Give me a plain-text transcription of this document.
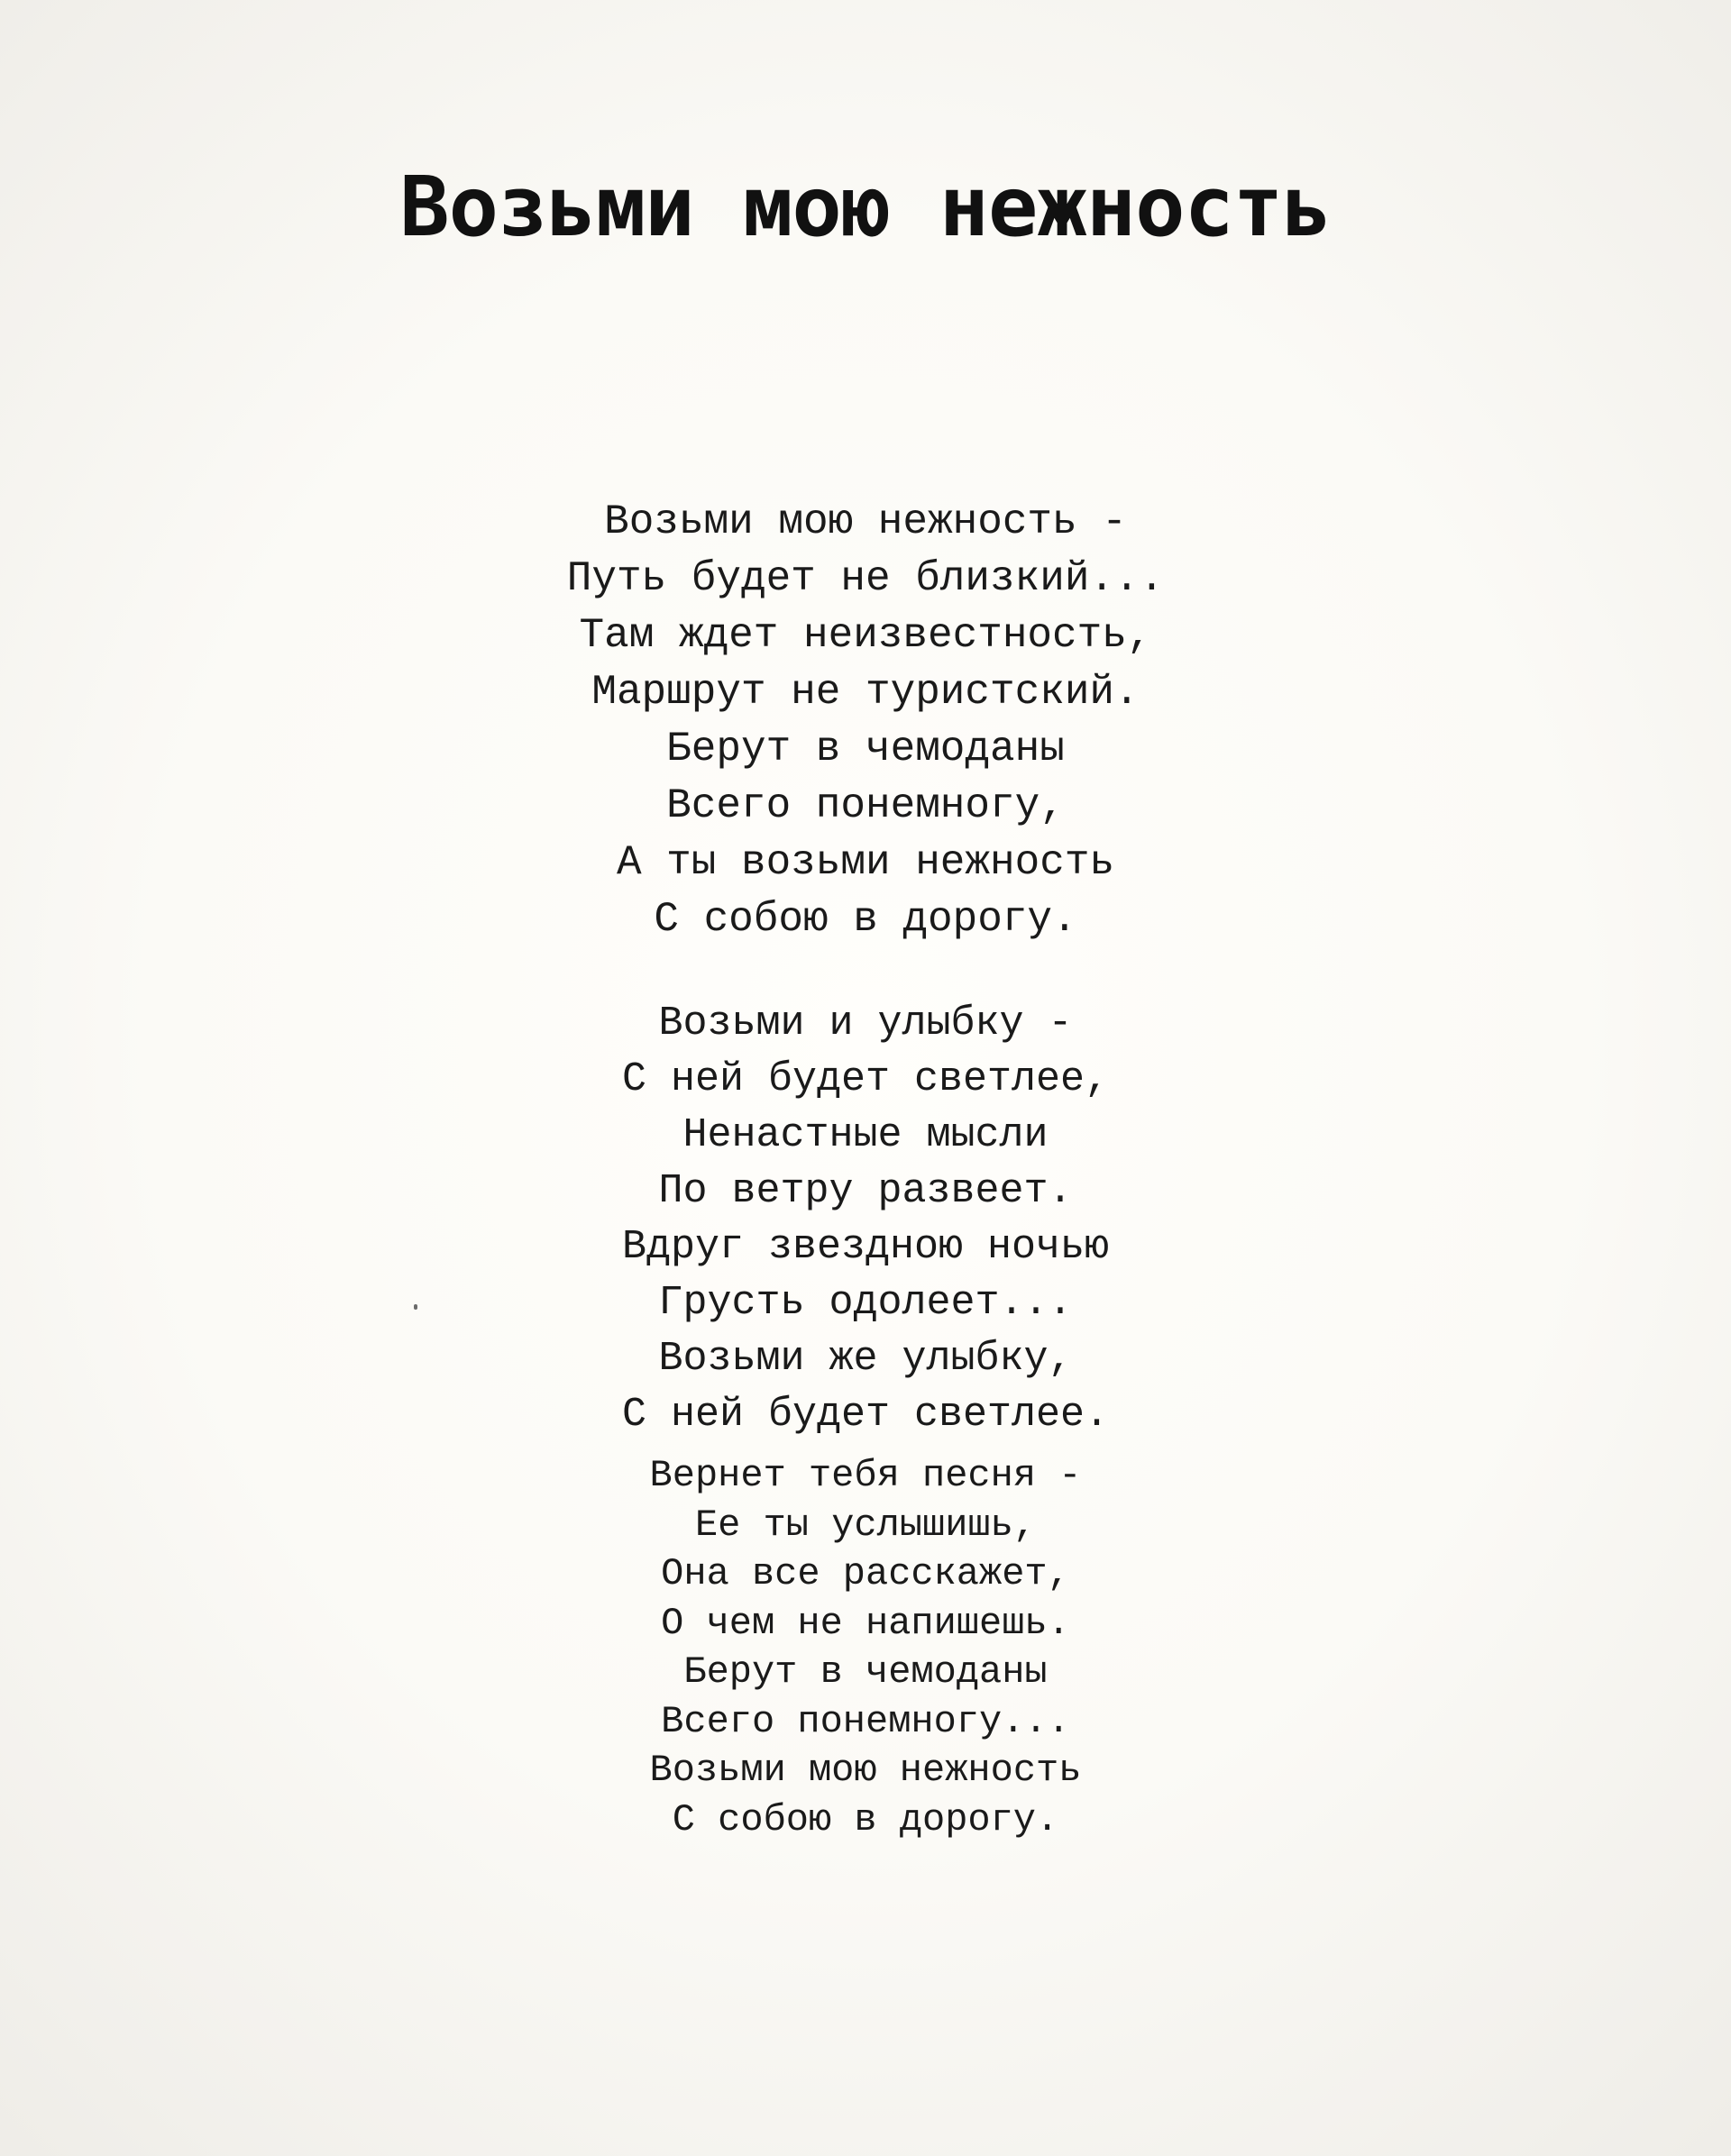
Возьми мою нежность
Возьми мою нежность -
Путь будет не близкий...
Там ждет неизвестность,
Маршрут не туристский.
Берут в чемоданы
Всего понемногу,
А ты возьми нежность
С собою в дорогу.
Возьми и улыбку -
С ней будет светлее,
Ненастные мысли
По ветру развеет.
Вдруг звездною ночью
Грусть одолеет...
Возьми же улыбку,
С ней будет светлее.
Вернет тебя песня -
Ее ты услышишь,
Она все расскажет,
О чем не напишешь.
Берут в чемоданы
Всего понемногу...
Возьми мою нежность
С собою в дорогу.
